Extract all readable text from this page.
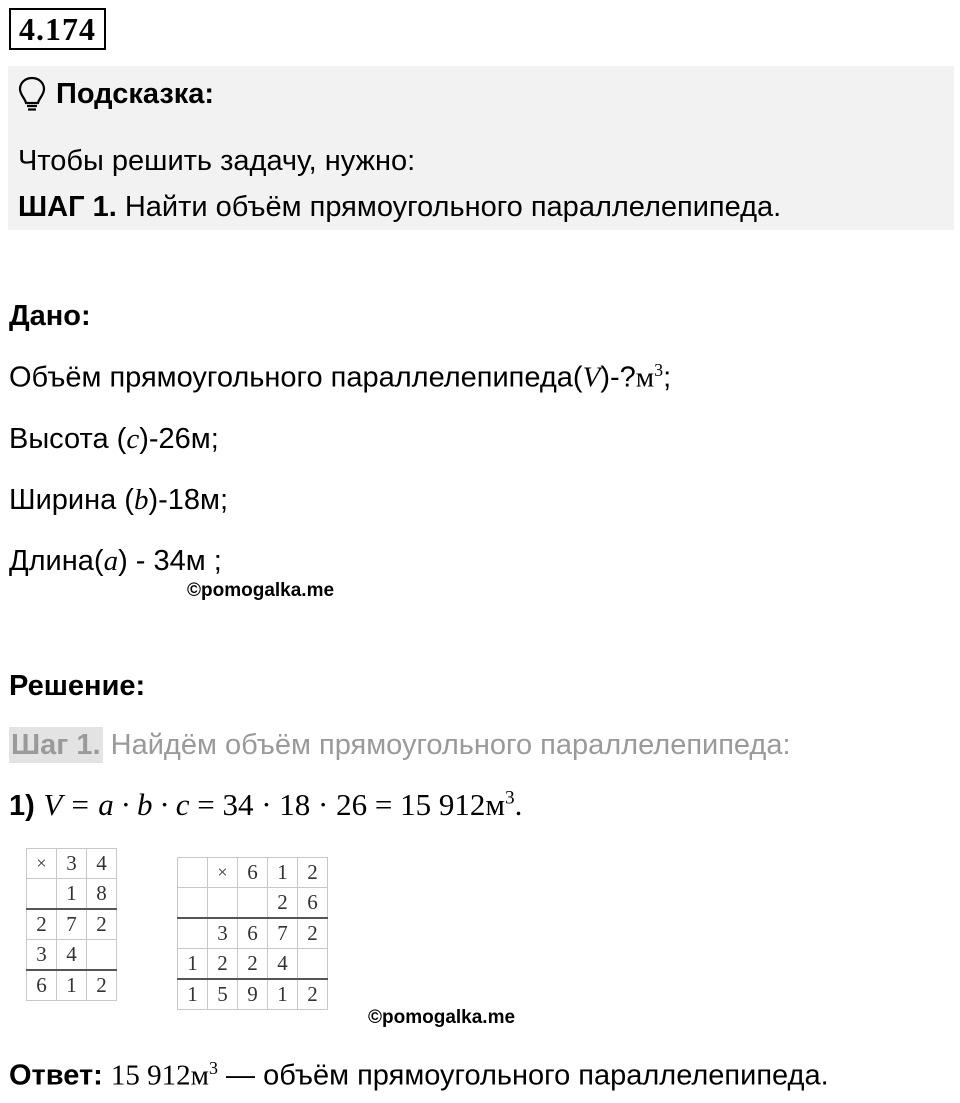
4.174
Подсказка:
Чтобы решить задачу, нужно:
ШАГ 1. Найти объём прямоугольного параллелепипеда.
Дано:
Объём прямоугольного $параллелепипеда(V)-?м^3$;
Высота (c)-26м;
Ширина (b)-18м;
Длина(a) - 34м ;
©pomogalka.me
Решение:
Шаг 1. Найдём объём прямоугольного параллелепипеда:
1) V = a · b · c = 34 · 18 · 26 = 15 $912м^3$.
×	3	4
	1	8
2	7	2
3	4	
6	1	2
	×	6	1	2
			2	6
	3	6	7	2
1	2	2	4	
1	5	9	1	2
©pomogalka.me
Ответ: 15 $912м^3$ — объём прямоугольного параллелепипеда.
